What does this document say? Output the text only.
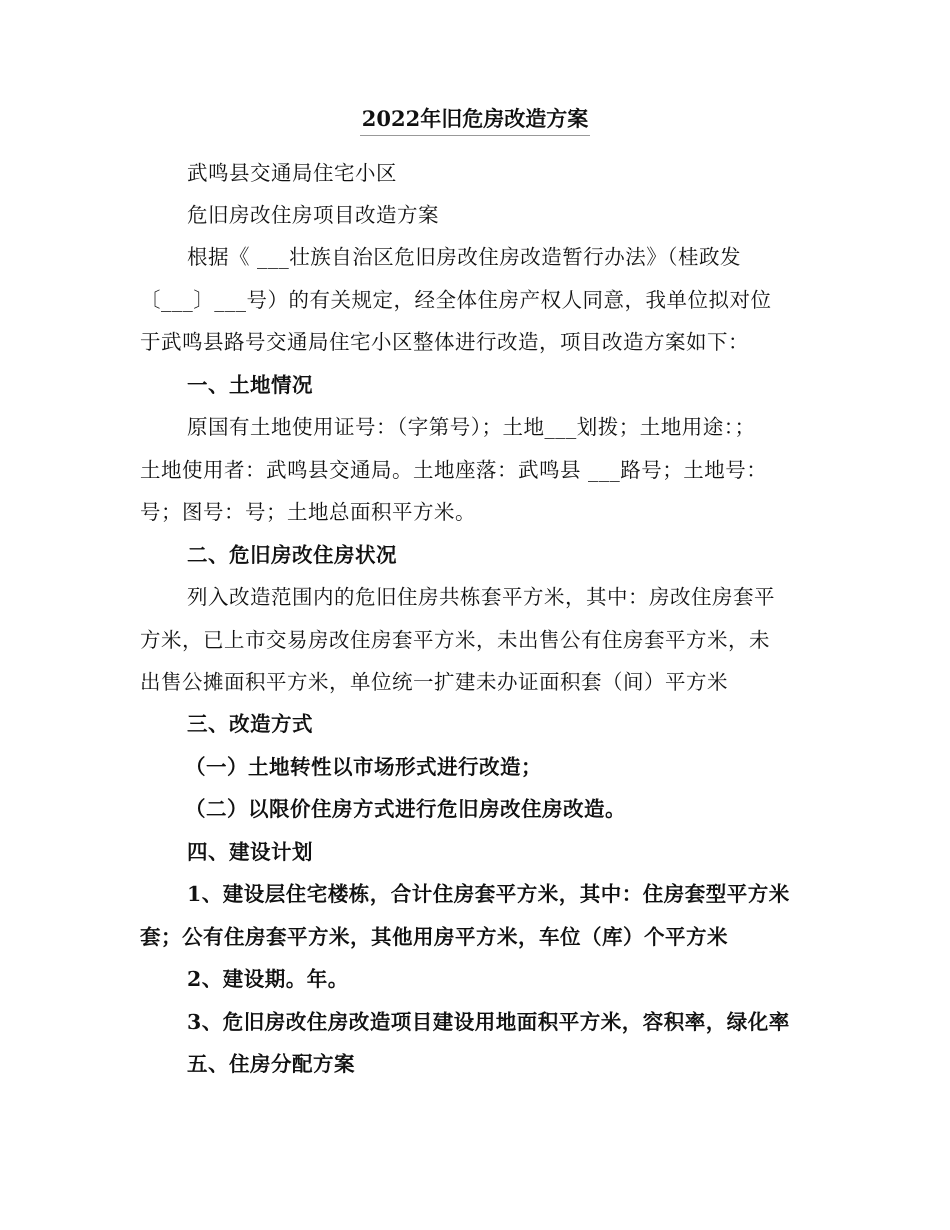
2022年旧危房改造方案
武鸣县交通局住宅小区
危旧房改住房项目改造方案
根据《 ___壮族自治区危旧房改住房改造暂行办法》（桂政发
〔___〕___号）的有关规定，经全体住房产权人同意，我单位拟对位
于武鸣县路号交通局住宅小区整体进行改造，项目改造方案如下：
一、土地情况
原国有土地使用证号：（字第号）；土地___划拨；土地用途：；
土地使用者：武鸣县交通局。土地座落：武鸣县 ___路号；土地号：
号；图号：号；土地总面积平方米。
二、危旧房改住房状况
列入改造范围内的危旧住房共栋套平方米，其中：房改住房套平
方米，已上市交易房改住房套平方米，未出售公有住房套平方米，未
出售公摊面积平方米，单位统一扩建未办证面积套（间）平方米
三、改造方式
（一）土地转性以市场形式进行改造；
（二）以限价住房方式进行危旧房改住房改造。
四、建设计划
1、建设层住宅楼栋，合计住房套平方米，其中：住房套型平方米
套；公有住房套平方米，其他用房平方米，车位（库）个平方米
2、建设期。年。
3、危旧房改住房改造项目建设用地面积平方米，容积率，绿化率
五、住房分配方案
